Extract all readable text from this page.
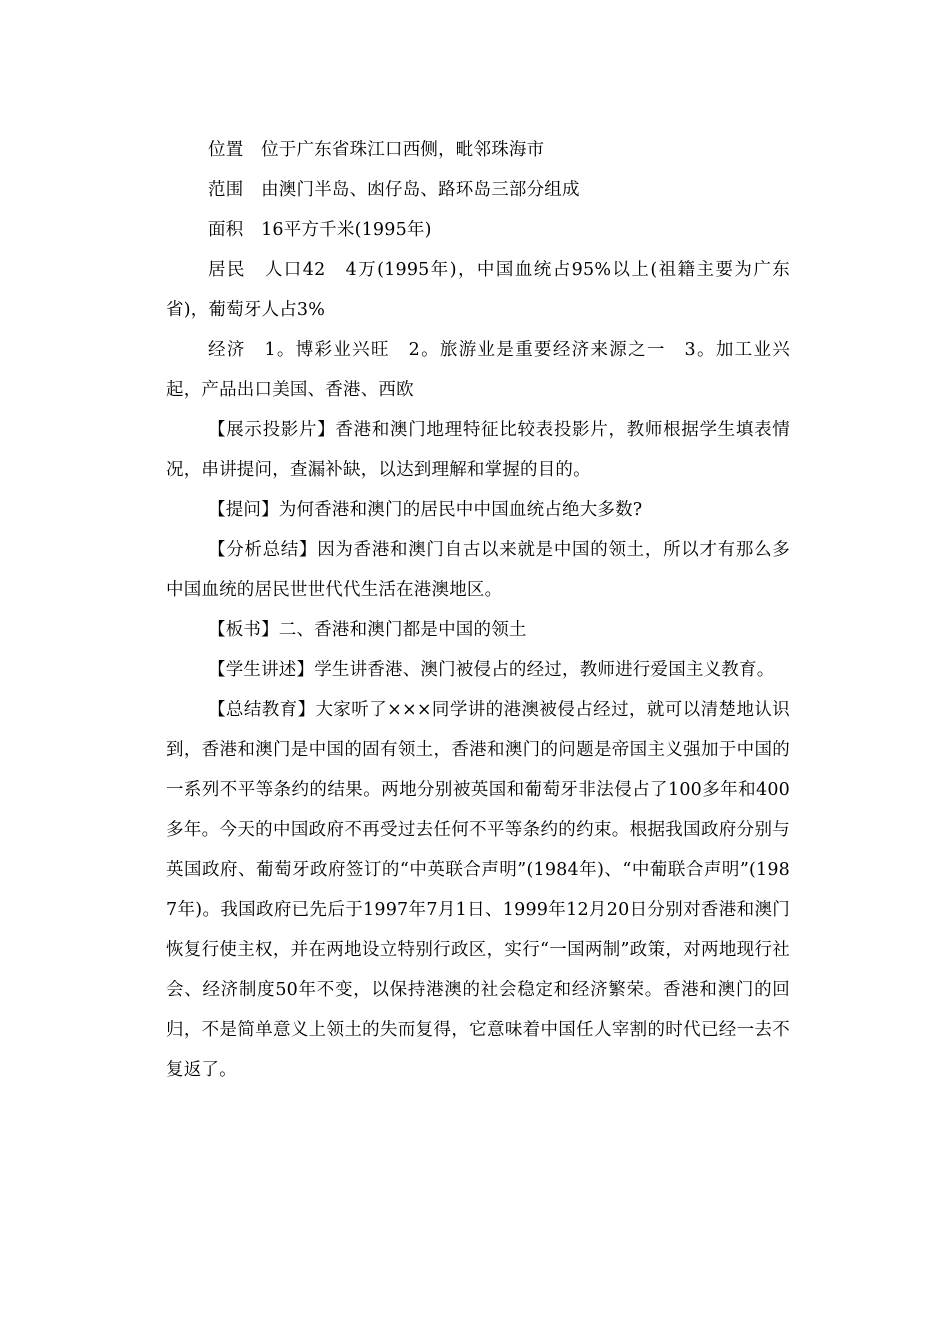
位置　位于广东省珠江口西侧，毗邻珠海市

范围　由澳门半岛、凼仔岛、路环岛三部分组成

面积　16平方千米(1995年)

居民　人口42　4万(1995年)，中国血统占95%以上(祖籍主要为广东省)，葡萄牙人占3%

经济　1。博彩业兴旺　2。旅游业是重要经济来源之一　3。加工业兴起，产品出口美国、香港、西欧

【展示投影片】香港和澳门地理特征比较表投影片，教师根据学生填表情况，串讲提问，查漏补缺，以达到理解和掌握的目的。

【提问】为何香港和澳门的居民中中国血统占绝大多数?

【分析总结】因为香港和澳门自古以来就是中国的领土，所以才有那么多中国血统的居民世世代代生活在港澳地区。

【板书】二、香港和澳门都是中国的领土

【学生讲述】学生讲香港、澳门被侵占的经过，教师进行爱国主义教育。

【总结教育】大家听了×××同学讲的港澳被侵占经过，就可以清楚地认识到，香港和澳门是中国的固有领土，香港和澳门的问题是帝国主义强加于中国的一系列不平等条约的结果。两地分别被英国和葡萄牙非法侵占了100多年和400多年。今天的中国政府不再受过去任何不平等条约的约束。根据我国政府分别与英国政府、葡萄牙政府签订的“中英联合声明”(1984年)、“中葡联合声明”(1987年)。我国政府已先后于1997年7月1日、1999年12月20日分别对香港和澳门恢复行使主权，并在两地设立特别行政区，实行“一国两制”政策，对两地现行社会、经济制度50年不变，以保持港澳的社会稳定和经济繁荣。香港和澳门的回归，不是简单意义上领土的失而复得，它意味着中国任人宰割的时代已经一去不复返了。
